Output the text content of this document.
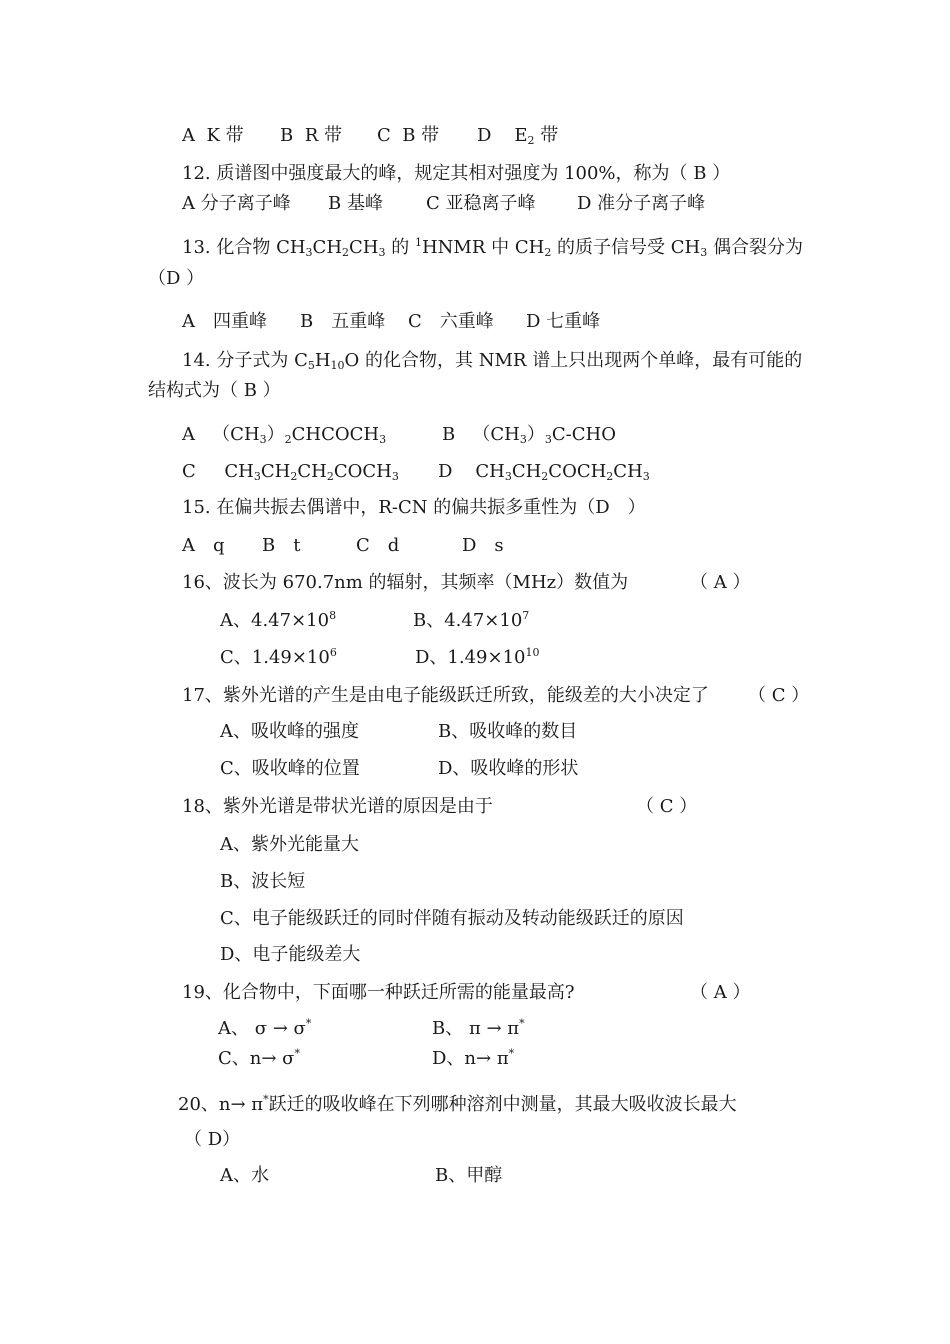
A K 带 B R 带 C B 带 D $E_2$ 带
12. 质谱图中强度最大的峰，规定其相对强度为 100%，称为（ B ）
A 分子离子峰 B 基峰 C 亚稳离子峰 D 准分子离子峰
13. 化合物 $CH_3CH_2CH_3$ 的 $^1$HNMR 中 $CH_2$ 的质子信号受 $CH_3$ 偶合裂分为
（D ）
A　四重峰 B　五重峰 C　六重峰 D 七重峰
14. 分子式为 $C_5H_{10}O$ 的化合物，其 NMR 谱上只出现两个单峰，最有可能的
结构式为（ B ）
A $(CH_3)_2CHCOCH_3$	B $(CH_3)_3C$-CHO
C $CH_3CH_2CH_2COCH_3$ D $CH_3CH_2COCH_2CH_3$
15. 在偏共振去偶谱中，R-CN 的偏共振多重性为（D　）
A　q B　t	C　d	D　s
16、波长为 670.7nm 的辐射，其频率（MHz）数值为	（ A ）
A、$4.47\times 10^8$	B、$4.47\times 10^7$
C、$1.49\times 10^6$	D、$1.49\times 10^{10}$
17、紫外光谱的产生是由电子能级跃迁所致，能级差的大小决定了 （ C ）
A、吸收峰的强度	B、吸收峰的数目
C、吸收峰的位置	D、吸收峰的形状
18、紫外光谱是带状光谱的原因是由于	（ C ）
A、紫外光能量大
B、波长短
C、电子能级跃迁的同时伴随有振动及转动能级跃迁的原因
D、电子能级差大
19、化合物中，下面哪一种跃迁所需的能量最高?	（ A ）
A、 σ → σ*	B、 π → π*
C、n→ σ*	D、n→ π*
20、n→ π*跃迁的吸收峰在下列哪种溶剂中测量，其最大吸收波长最大
（ D）
A、水	B、甲醇
